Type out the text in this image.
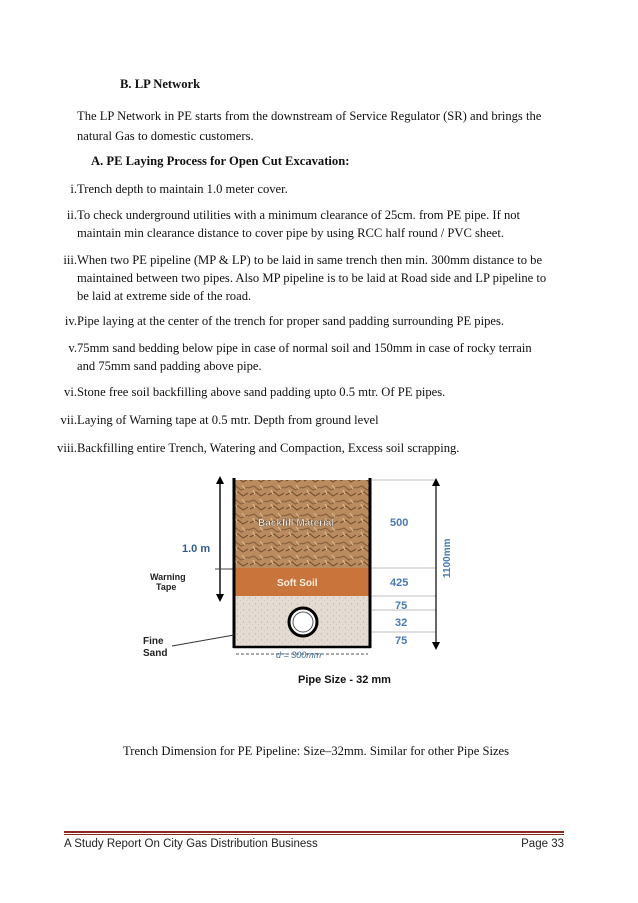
B. LP Network
The LP Network in PE starts from the downstream of Service Regulator (SR) and brings the
natural Gas to domestic customers.
A. PE Laying Process for Open Cut Excavation:
i. Trench depth to maintain 1.0 meter cover.
ii. To check underground utilities with a minimum clearance of 25cm. from PE pipe. If not
maintain min clearance distance to cover pipe by using RCC half round / PVC sheet.
iii. When two PE pipeline (MP & LP) to be laid in same trench then min. 300mm distance to be
maintained between two pipes. Also MP pipeline is to be laid at Road side and LP pipeline to
be laid at extreme side of the road.
iv. Pipe laying at the center of the trench for proper sand padding surrounding PE pipes.
v. 75mm sand bedding below pipe in case of normal soil and 150mm in case of rocky terrain
and 75mm sand padding above pipe.
vi. Stone free soil backfilling above sand padding upto 0.5 mtr. Of PE pipes.
vii. Laying of Warning tape at 0.5 mtr. Depth from ground level
viii. Backfilling entire Trench, Watering and Compaction, Excess soil scrapping.
1.0 m
Warning
Tape
Backfill Material
Soft Soil
Fine
Sand	d = 300mm
Pipe Size - 32 mm
500
425
75
32
75
1100mm
Trench Dimension for PE Pipeline: Size–32mm. Similar for other Pipe Sizes
A Study Report On City Gas Distribution Business	Page 33
